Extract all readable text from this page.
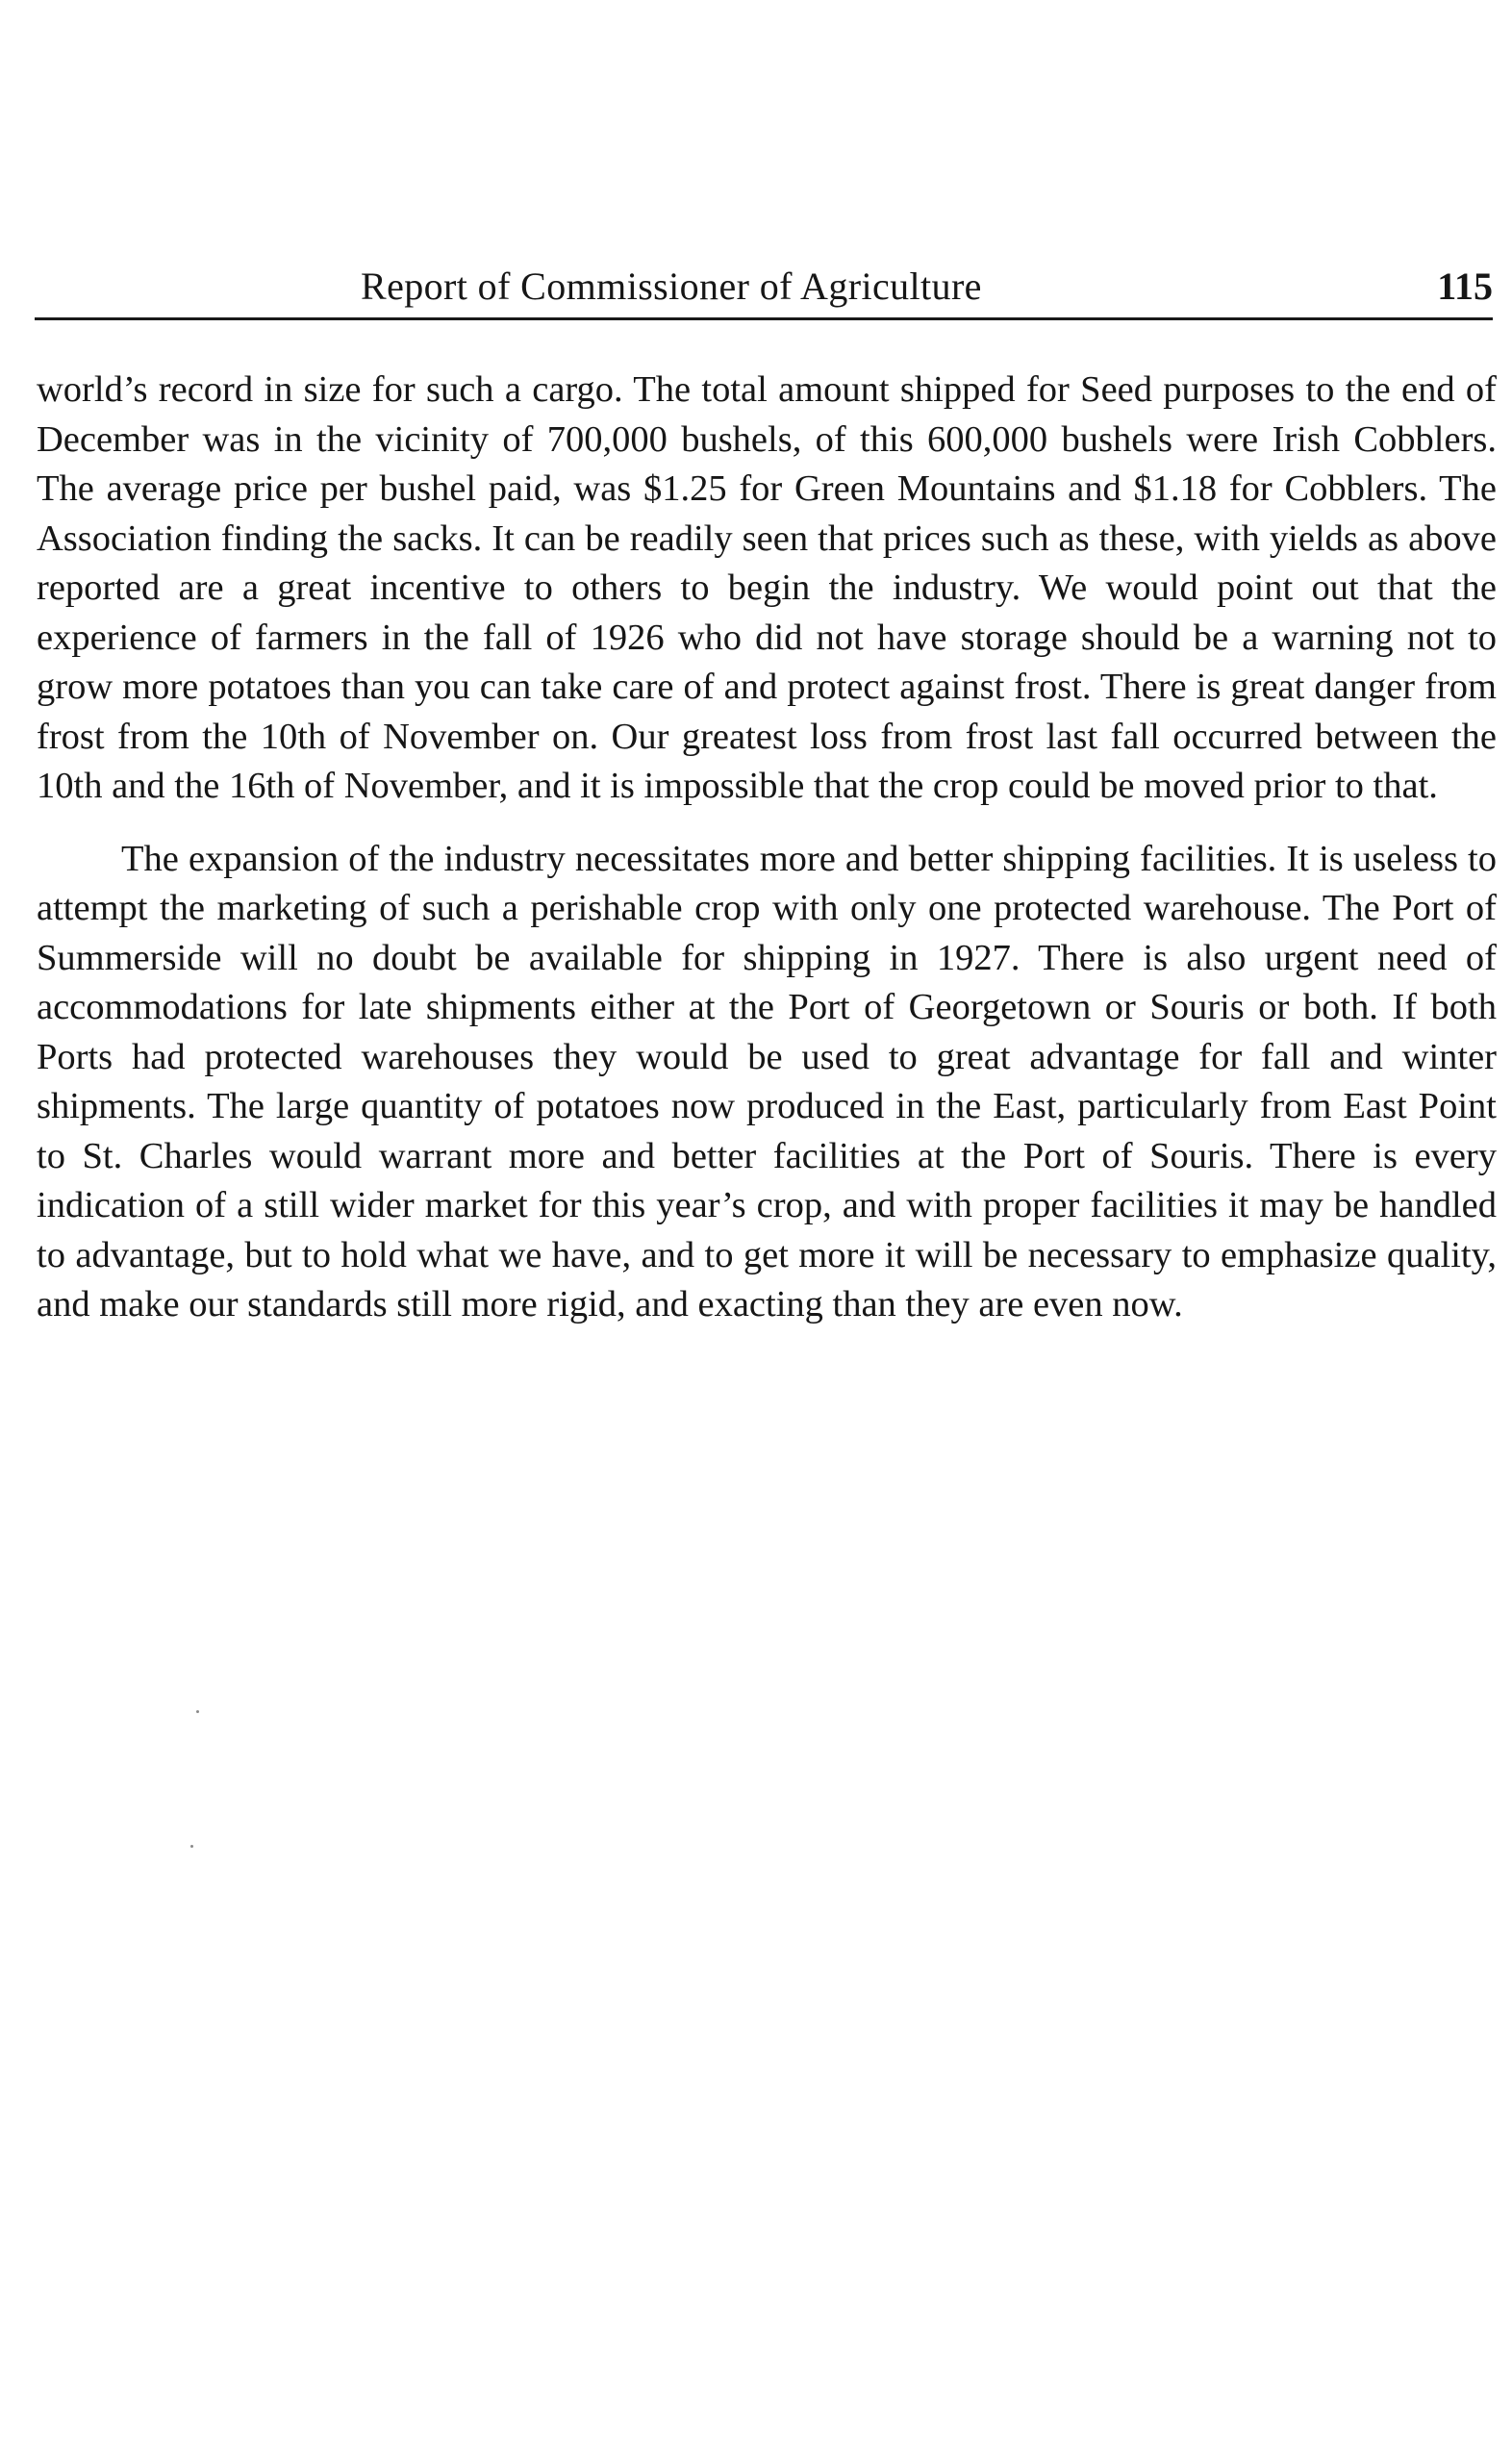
Report of Commissioner of Agriculture	115

world’s record in size for such a cargo. The total amount shipped for Seed purposes to the end of December was in the vicinity of 700,000 bushels, of this 600,000 bushels were Irish Cobblers. The average price per bushel paid, was $1.25 for Green Mountains and $1.18 for Cobblers. The Association finding the sacks. It can be readily seen that prices such as these, with yields as above reported are a great incentive to others to begin the industry. We would point out that the experience of farmers in the fall of 1926 who did not have storage should be a warning not to grow more potatoes than you can take care of and protect against frost. There is great danger from frost from the 10th of November on. Our greatest loss from frost last fall occurred between the 10th and the 16th of November, and it is impossible that the crop could be moved prior to that.

The expansion of the industry necessitates more and better shipping facilities. It is useless to attempt the marketing of such a perishable crop with only one protected warehouse. The Port of Summerside will no doubt be available for shipping in 1927. There is also urgent need of accommodations for late shipments either at the Port of Georgetown or Souris or both. If both Ports had protected warehouses they would be used to great advantage for fall and winter shipments. The large quantity of potatoes now produced in the East, particularly from East Point to St. Charles would warrant more and better facilities at the Port of Souris. There is every indication of a still wider market for this year’s crop, and with proper facilities it may be handled to advantage, but to hold what we have, and to get more it will be necessary to emphasize quality, and make our standards still more rigid, and exacting than they are even now.
